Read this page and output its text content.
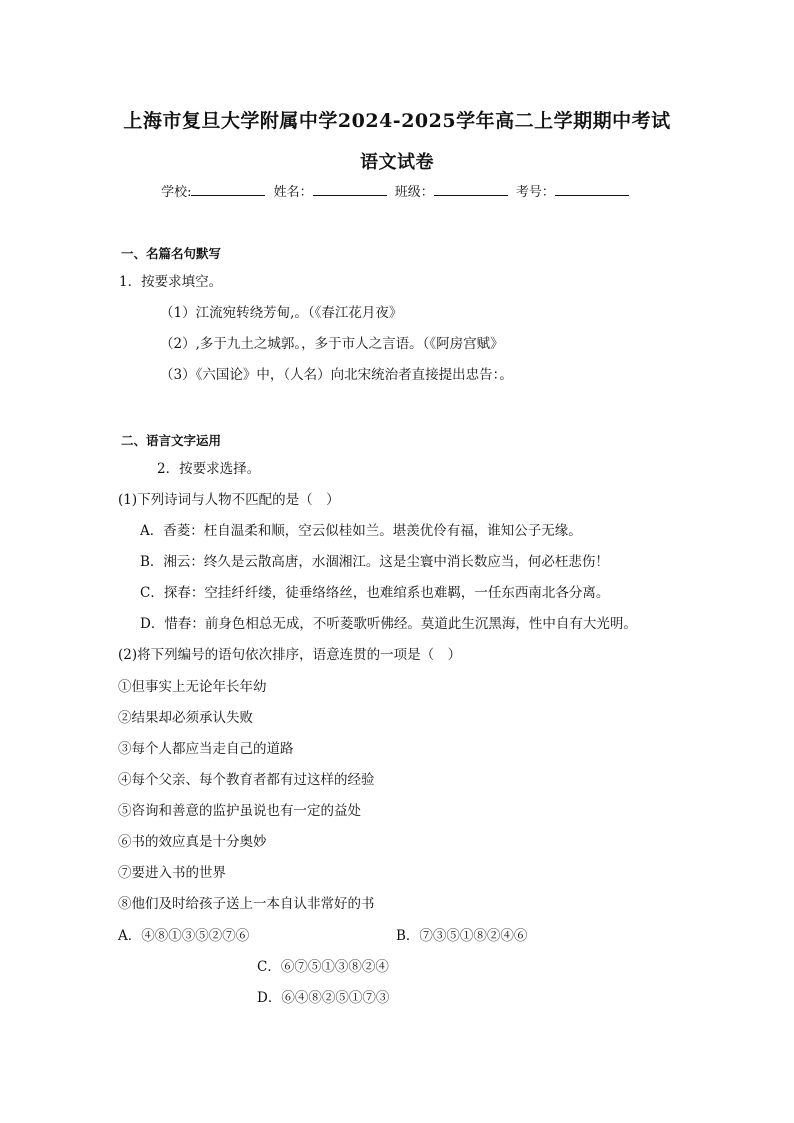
上海市复旦大学附属中学2024-2025学年高二上学期期中考试
语文试卷
学校:	姓名：	班级：	考号：
一、名篇名句默写
1．按要求填空。
（1）江流宛转绕芳甸,。（《春江花月夜》
（2）,多于九土之城郭。，多于市人之言语。（《阿房宫赋》
（3）《六国论》中，（人名）向北宋统治者直接提出忠告：。
二、语言文字运用
2．按要求选择。
(1)下列诗词与人物不匹配的是（　）
A．香菱：枉自温柔和顺，空云似桂如兰。堪羡优伶有福，谁知公子无缘。
B．湘云：终久是云散高唐，水涸湘江。这是尘寰中消长数应当，何必枉悲伤！
C．探春：空挂纤纤缕，徒垂络络丝，也难绾系也难羁，一任东西南北各分离。
D．惜春：前身色相总无成，不听菱歌听佛经。莫道此生沉黑海，性中自有大光明。
(2)将下列编号的语句依次排序，语意连贯的一项是（　）
①但事实上无论年长年幼
②结果却必须承认失败
③每个人都应当走自己的道路
④每个父亲、每个教育者都有过这样的经验
⑤咨询和善意的监护虽说也有一定的益处
⑥书的效应真是十分奥妙
⑦要进入书的世界
⑧他们及时给孩子送上一本自认非常好的书
A．④⑧①③⑤②⑦⑥	B．⑦③⑤①⑧②④⑥
C．⑥⑦⑤①③⑧②④
D．⑥④⑧②⑤①⑦③
